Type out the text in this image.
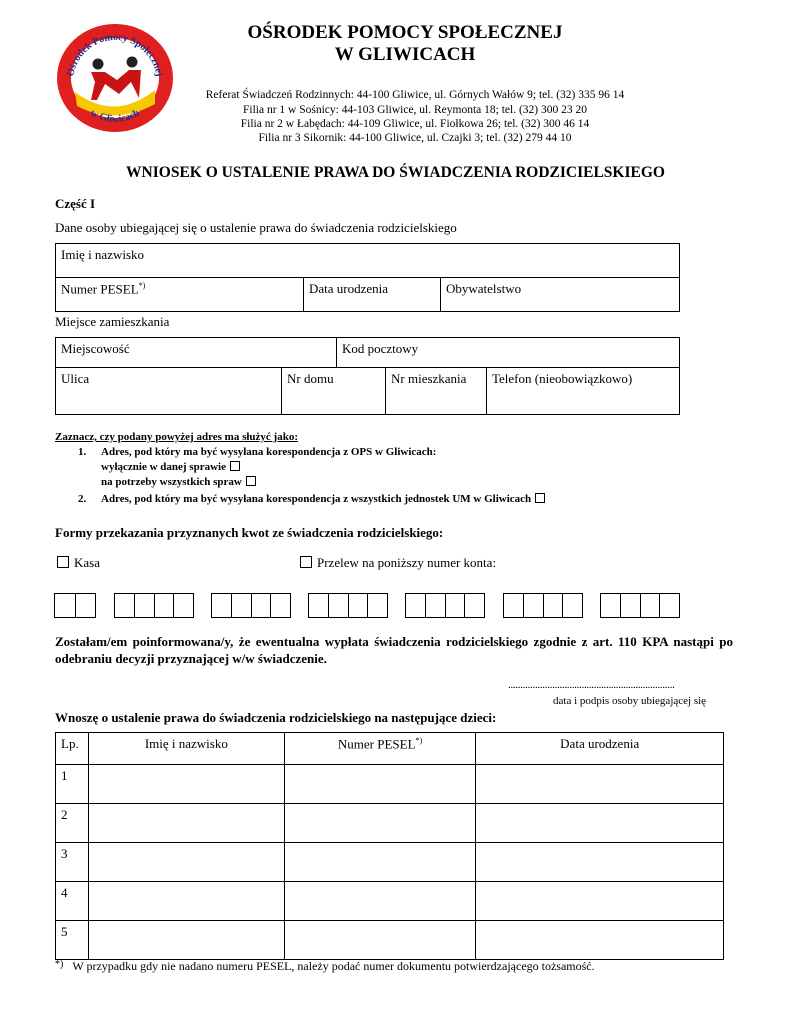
Ośrodek Pomocy Społecznej
w Gliwicach
OŚRODEK POMOCY SPOŁECZNEJ
W GLIWICACH
Referat Świadczeń Rodzinnych: 44-100 Gliwice, ul. Górnych Wałów 9; tel. (32) 335 96 14
Filia nr 1 w Sośnicy: 44-103 Gliwice, ul. Reymonta 18; tel. (32) 300 23 20
Filia nr 2 w Łabędach: 44-109 Gliwice, ul. Fiołkowa 26; tel. (32) 300 46 14
Filia nr 3 Sikornik: 44-100 Gliwice, ul. Czajki 3; tel. (32) 279 44 10
WNIOSEK O USTALENIE PRAWA DO ŚWIADCZENIA RODZICIELSKIEGO
Część I
Dane osoby ubiegającej się o ustalenie prawa do świadczenia rodzicielskiego
Imię i nazwisko
Numer PESEL*)	Data urodzenia	Obywatelstwo
Miejsce zamieszkania
Miejscowość	Kod pocztowy
Ulica	Nr domu	Nr mieszkania	Telefon (nieobowiązkowo)
Zaznacz, czy podany powyżej adres ma służyć jako:
1. Adres, pod który ma być wysyłana korespondencja z OPS w Gliwicach:
wyłącznie w danej sprawie
na potrzeby wszystkich spraw
2. Adres, pod który ma być wysyłana korespondencja z wszystkich jednostek UM w Gliwicach
Formy przekazania przyznanych kwot ze świadczenia rodzicielskiego:
Kasa	Przelew na poniższy numer konta:
Zostałam/em poinformowana/y, że ewentualna wypłata świadczenia rodzicielskiego zgodnie z art. 110 KPA nastąpi po odebraniu decyzji przyznającej w/w świadczenie.
....................................................................
data i podpis osoby ubiegającej się
Wnoszę o ustalenie prawa do świadczenia rodzicielskiego na następujące dzieci:
Lp.	Imię i nazwisko	Numer PESEL*)	Data urodzenia
1			
2			
3			
4			
5			
*) W przypadku gdy nie nadano numeru PESEL, należy podać numer dokumentu potwierdzającego tożsamość.
